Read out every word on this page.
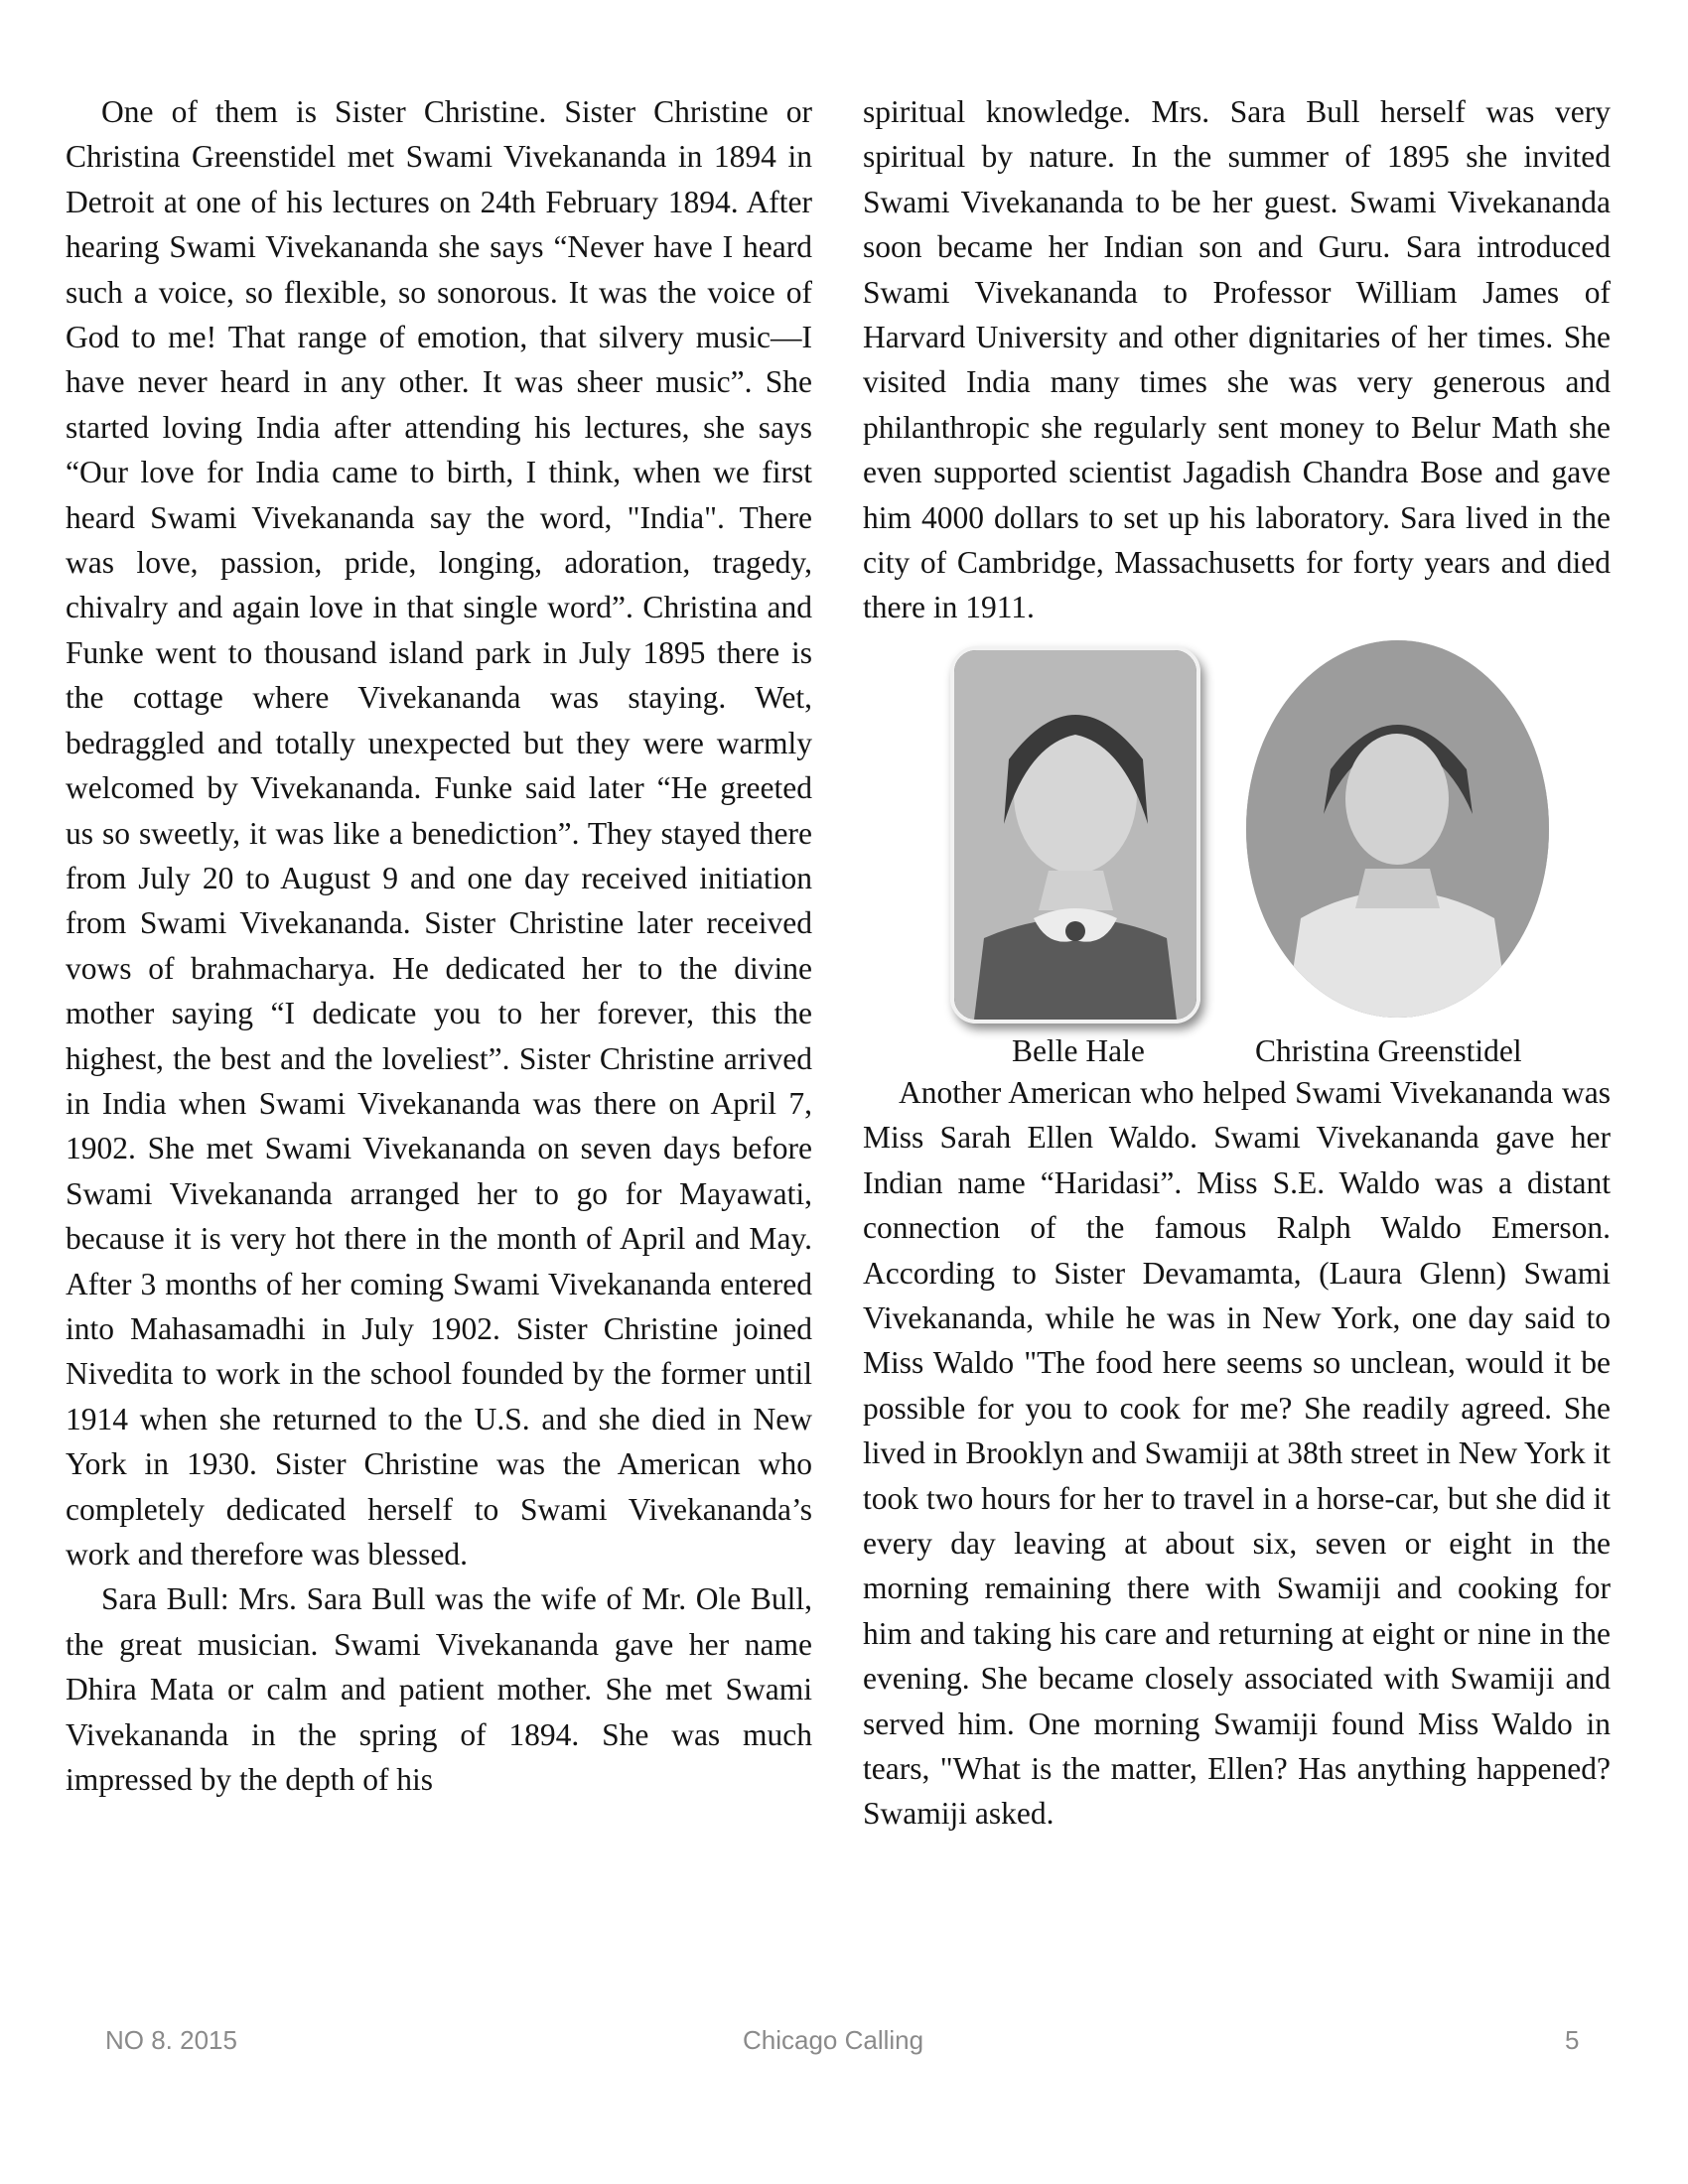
One of them is Sister Christine. Sister Christine or Christina Greenstidel met Swami Vivekananda in 1894 in Detroit at one of his lectures on 24th February 1894. After hearing Swami Vivekananda she says “Never have I heard such a voice, so flexible, so sonorous. It was the voice of God to me! That range of emotion, that silvery music—I have never heard in any other. It was sheer music”. She started loving India after attending his lectures, she says “Our love for India came to birth, I think, when we first heard Swami Vivekananda say the word, "India". There was love, passion, pride, longing, adoration, tragedy, chivalry and again love in that single word”. Christina and Funke went to thousand island park in July 1895 there is the cottage where Vivekananda was staying. Wet, bedraggled and totally unexpected but they were warmly welcomed by Vivekananda. Funke said later “He greeted us so sweetly, it was like a benediction”. They stayed there from July 20 to August 9 and one day received initiation from Swami Vivekananda. Sister Christine later received vows of brahmacharya. He dedicated her to the divine mother saying “I dedicate you to her forever, this the highest, the best and the loveliest”. Sister Christine arrived in India when Swami Vivekananda was there on April 7, 1902. She met Swami Vivekananda on seven days before Swami Vivekananda arranged her to go for Mayawati, because it is very hot there in the month of April and May. After 3 months of her coming Swami Vivekananda entered into Mahasamadhi in July 1902. Sister Christine joined Nivedita to work in the school founded by the former until 1914 when she returned to the U.S. and she died in New York in 1930. Sister Christine was the American who completely dedicated herself to Swami Vivekananda’s work and therefore was blessed.

Sara Bull: Mrs. Sara Bull was the wife of Mr. Ole Bull, the great musician. Swami Vivekananda gave her name Dhira Mata or calm and patient mother. She met Swami Vivekananda in the spring of 1894. She was much impressed by the depth of his

spiritual knowledge. Mrs. Sara Bull herself was very spiritual by nature. In the summer of 1895 she invited Swami Vivekananda to be her guest. Swami Vivekananda soon became her Indian son and Guru. Sara introduced Swami Vivekananda to Professor William James of Harvard University and other dignitaries of her times. She visited India many times she was very generous and philanthropic she regularly sent money to Belur Math she even supported scientist Jagadish Chandra Bose and gave him 4000 dollars to set up his laboratory. Sara lived in the city of Cambridge, Massachusetts for forty years and died there in 1911.

Belle Hale	Christina Greenstidel

Another American who helped Swami Vivekananda was Miss Sarah Ellen Waldo. Swami Vivekananda gave her Indian name “Haridasi”. Miss S.E. Waldo was a distant connection of the famous Ralph Waldo Emerson. According to Sister Devamamta, (Laura Glenn) Swami Vivekananda, while he was in New York, one day said to Miss Waldo "The food here seems so unclean, would it be possible for you to cook for me? She readily agreed. She lived in Brooklyn and Swamiji at 38th street in New York it took two hours for her to travel in a horse-car, but she did it every day leaving at about six, seven or eight in the morning remaining there with Swamiji and cooking for him and taking his care and returning at eight or nine in the evening. She became closely associated with Swamiji and served him. One morning Swamiji found Miss Waldo in tears, "What is the matter, Ellen? Has anything happened? Swamiji asked.

NO 8. 2015	Chicago Calling	5
